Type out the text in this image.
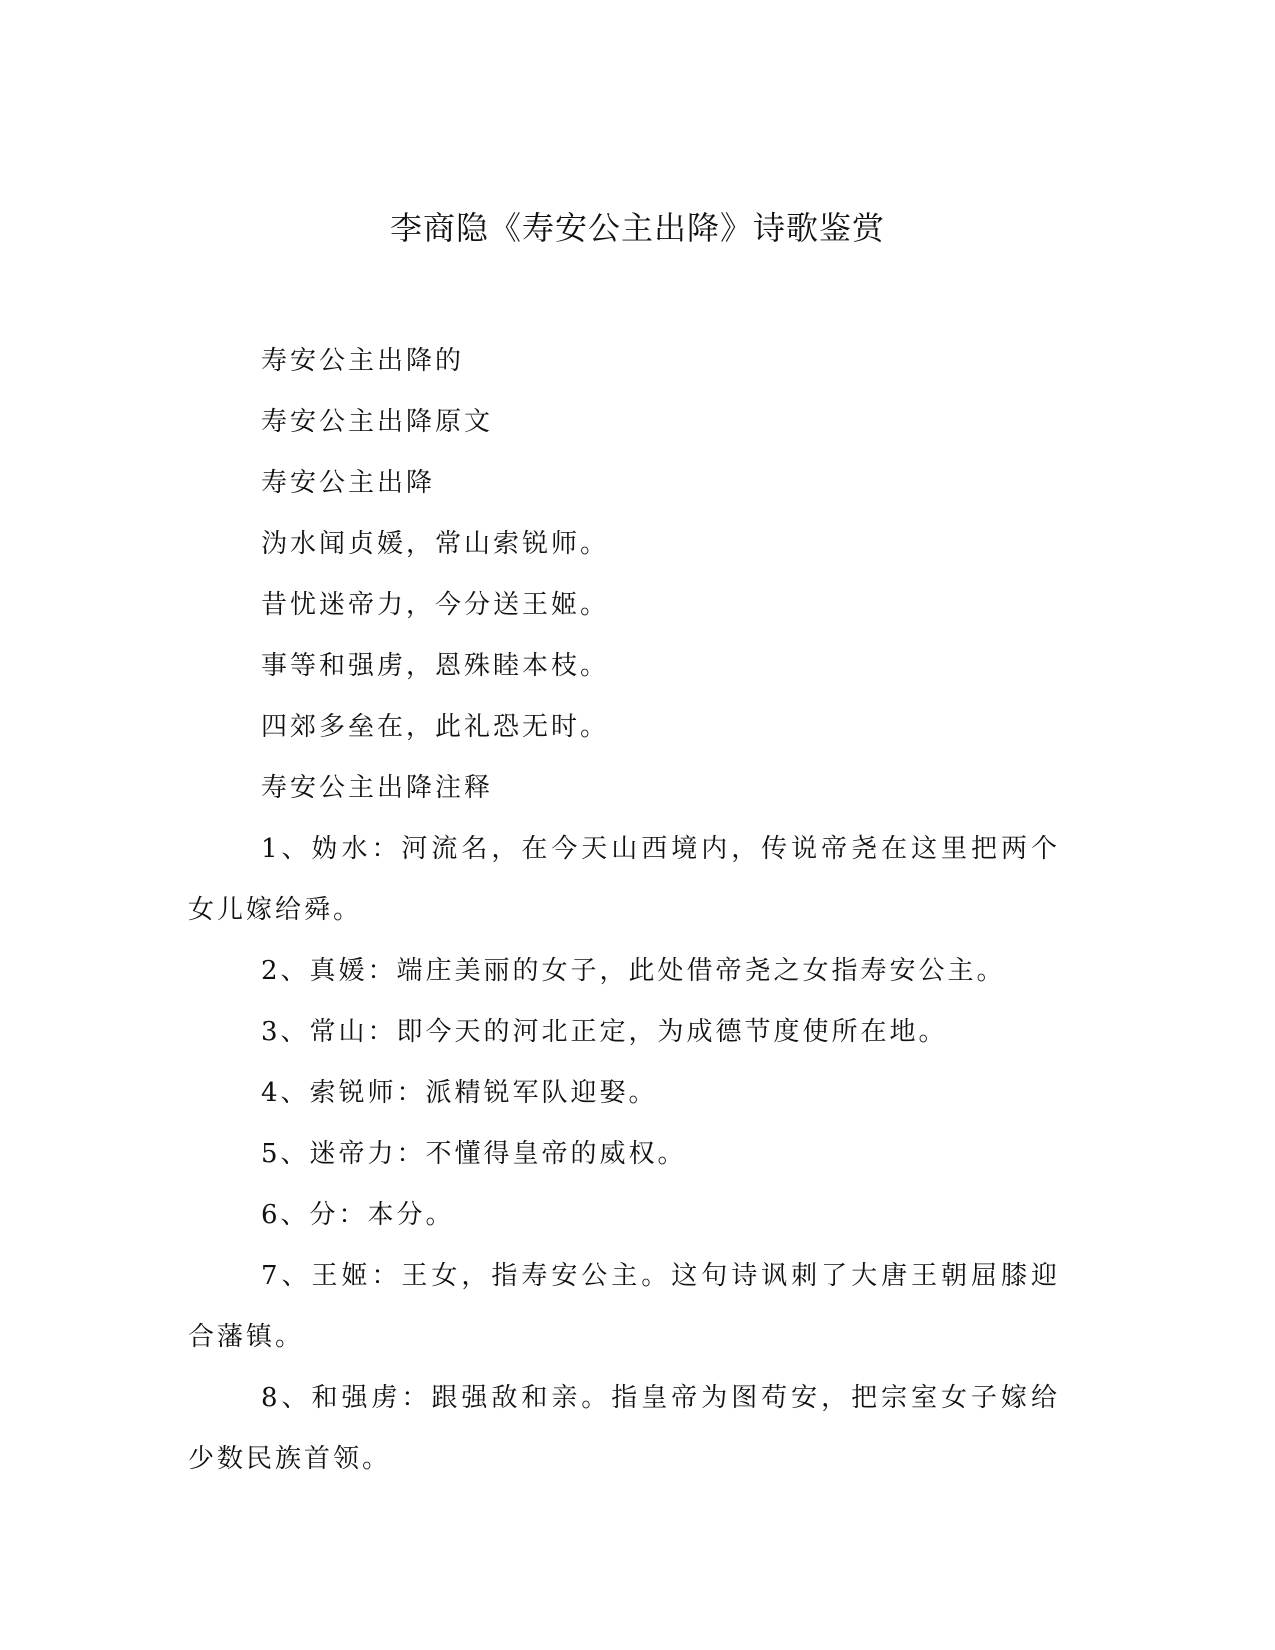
李商隐《寿安公主出降》诗歌鉴赏

寿安公主出降的

寿安公主出降原文

寿安公主出降

沩水闻贞媛，常山索锐师。

昔忧迷帝力，今分送王姬。

事等和强虏，恩殊睦本枝。

四郊多垒在，此礼恐无时。

寿安公主出降注释

1、妫水：河流名，在今天山西境内，传说帝尧在这里把两个女儿嫁给舜。

2、真媛：端庄美丽的女子，此处借帝尧之女指寿安公主。

3、常山：即今天的河北正定，为成德节度使所在地。

4、索锐师：派精锐军队迎娶。

5、迷帝力：不懂得皇帝的威权。

6、分：本分。

7、王姬：王女，指寿安公主。这句诗讽刺了大唐王朝屈膝迎合藩镇。

8、和强虏：跟强敌和亲。指皇帝为图苟安，把宗室女子嫁给少数民族首领。
